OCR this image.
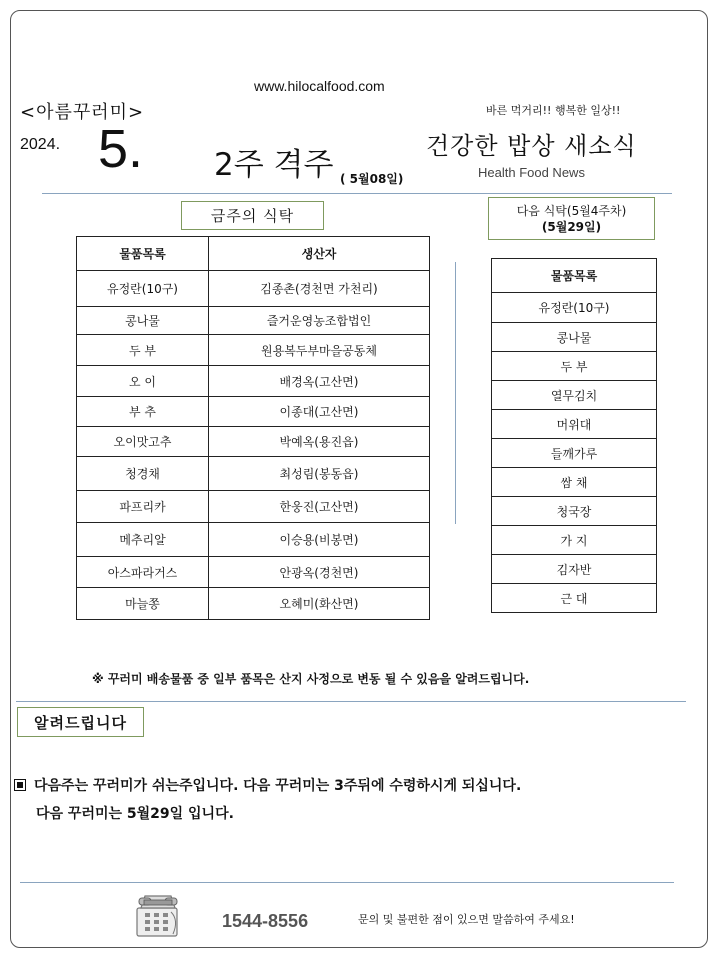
www.hilocalfood.com
<아름꾸러미>	바른 먹거리!! 행복한 일상!!
2024. 5. 2주 격주 ( 5월08일)
건강한 밥상 새소식
Health Food News
금주의 식탁	다음 식탁(5월4주차)
(5월29일)
물품목록	생산자
유정란(10구)	김종촌(경천면 가천리)
콩나물	즐거운영농조합법인
두 부	원용복두부마을공동체
오 이	배경옥(고산면)
부 추	이종대(고산면)
오이맛고추	박예옥(용진읍)
청경채	최성림(봉동읍)
파프리카	한웅진(고산면)
메추리알	이승용(비봉면)
아스파라거스	안광옥(경천면)
마늘쫑	오혜미(화산면)
물품목록
유정란(10구)
콩나물
두 부
열무김치
머위대
들깨가루
쌈 채
청국장
가 지
김자반
근 대
※ 꾸러미 배송물품 중 일부 품목은 산지 사정으로 변동 될 수 있음을 알려드립니다.
알려드립니다
다음주는 꾸러미가 쉬는주입니다. 다음 꾸러미는 3주뒤에 수령하시게 되십니다.
다음 꾸러미는 5월29일 입니다.
1544-8556	문의 및 불편한 점이 있으면 말씀하여 주세요!
